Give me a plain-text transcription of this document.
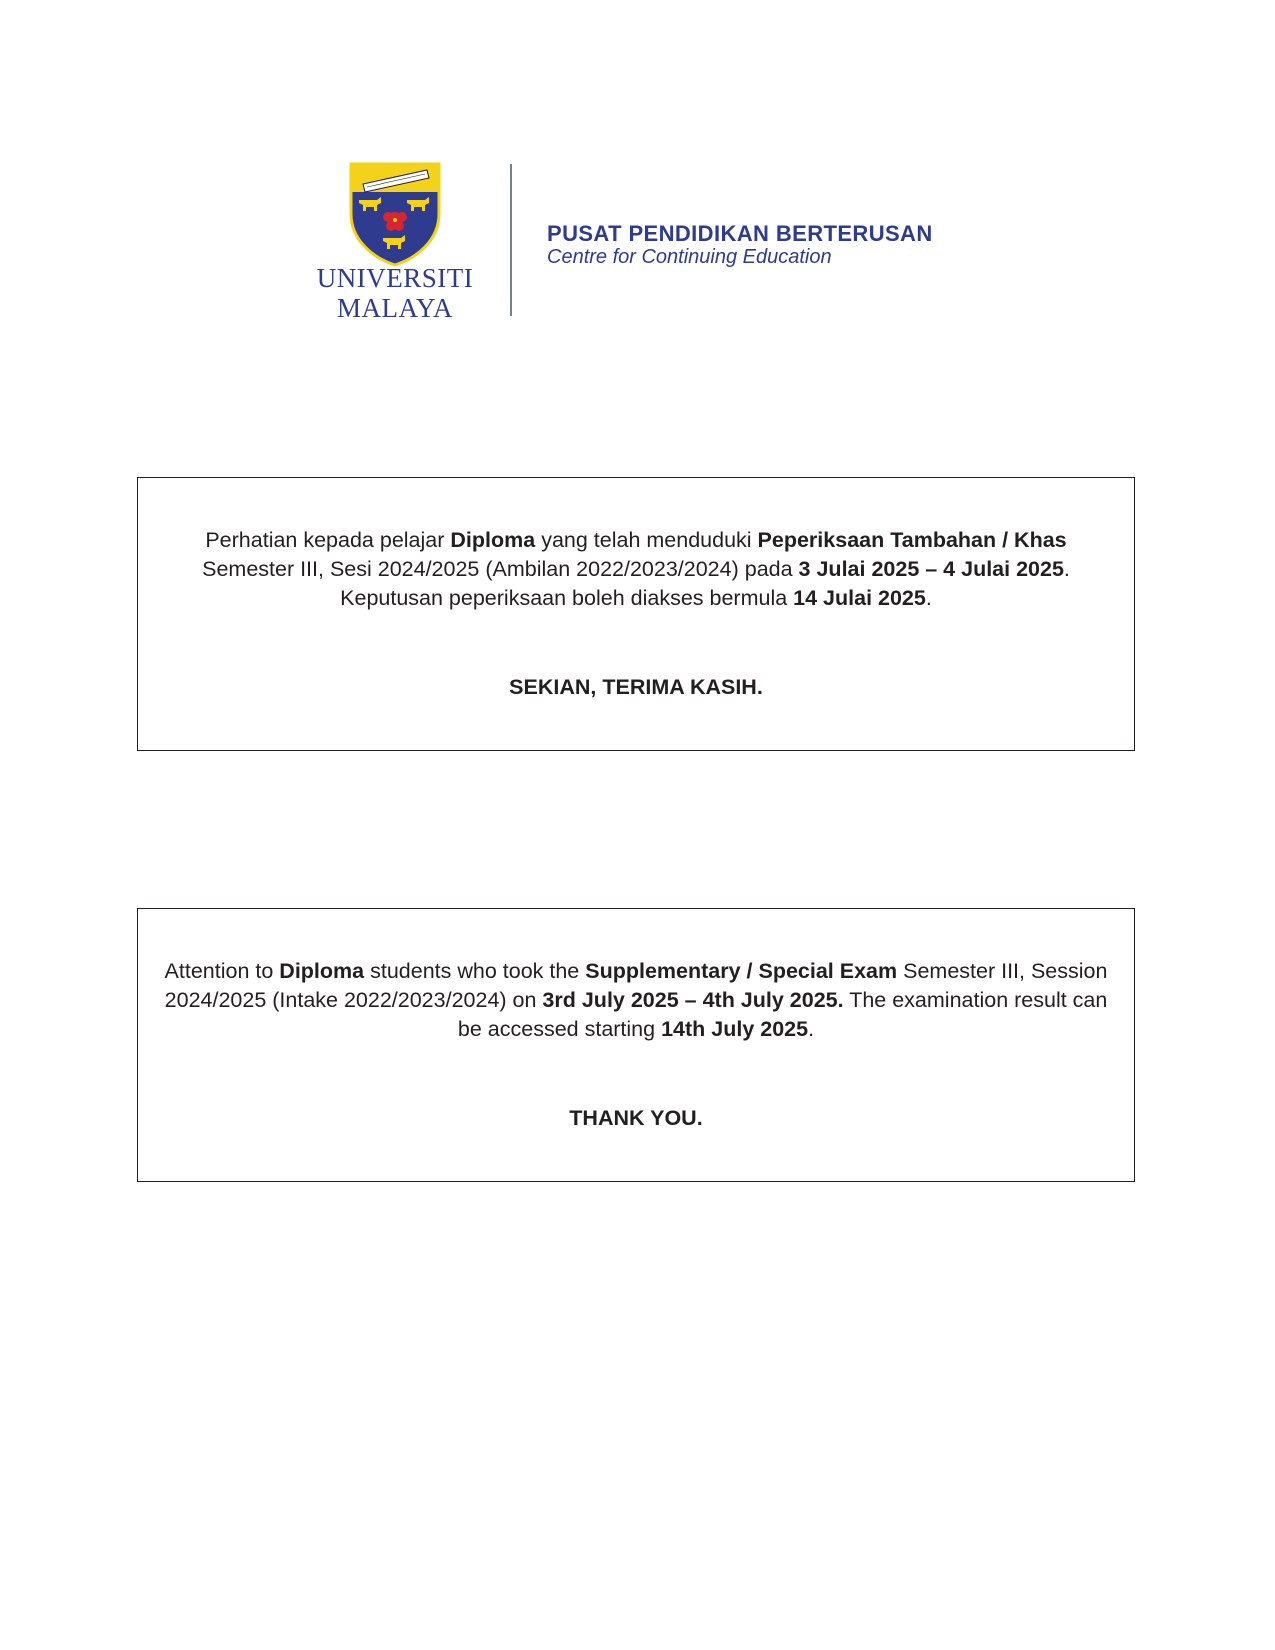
UNIVERSITI
MALAYA
PUSAT PENDIDIKAN BERTERUSAN
Centre for Continuing Education
Perhatian kepada pelajar Diploma yang telah menduduki Peperiksaan Tambahan / Khas Semester III, Sesi 2024/2025 (Ambilan 2022/2023/2024) pada 3 Julai 2025 – 4 Julai 2025. Keputusan peperiksaan boleh diakses bermula 14 Julai 2025.
SEKIAN, TERIMA KASIH.
Attention to Diploma students who took the Supplementary / Special Exam Semester III, Session 2024/2025 (Intake 2022/2023/2024) on 3rd July 2025 – 4th July 2025. The examination result can be accessed starting 14th July 2025.
THANK YOU.
